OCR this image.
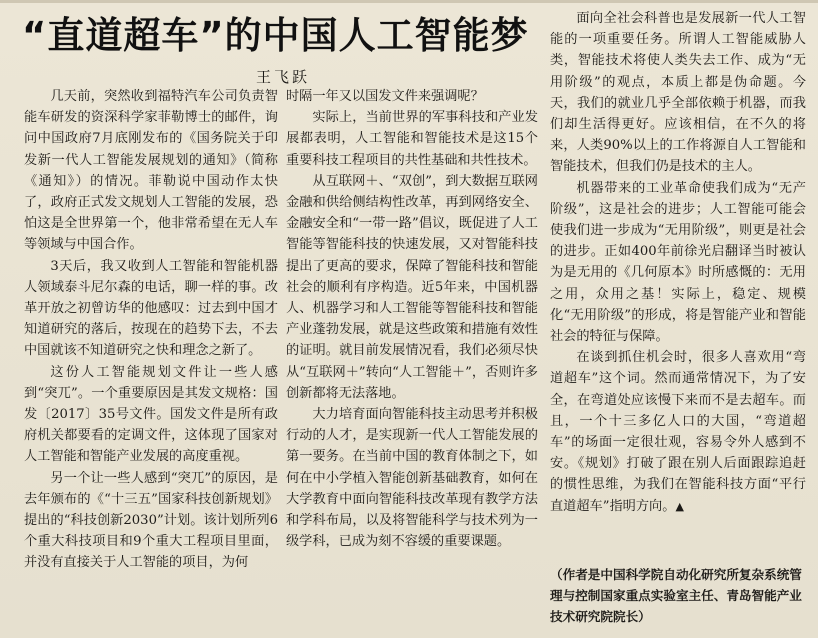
“直道超车”的中国人工智能梦
王飞跃

几天前，突然收到福特汽车公司负责智能车研发的资深科学家菲勒博士的邮件，询问中国政府7月底刚发布的《国务院关于印发新一代人工智能发展规划的通知》（简称《通知》）的情况。菲勒说中国动作太快了，政府正式发文规划人工智能的发展，恐怕这是全世界第一个，他非常希望在无人车等领域与中国合作。

3天后，我又收到人工智能和智能机器人领域泰斗尼尔森的电话，聊一样的事。改革开放之初曾访华的他感叹：过去到中国才知道研究的落后，按现在的趋势下去，不去中国就该不知道研究之快和理念之新了。

这份人工智能规划文件让一些人感到“突兀”。一个重要原因是其发文规格：国发〔2017〕35号文件。国发文件是所有政府机关都要看的定调文件，这体现了国家对人工智能和智能产业发展的高度重视。

另一个让一些人感到“突兀”的原因，是去年颁布的《“十三五”国家科技创新规划》提出的“科技创新2030”计划。该计划所列6个重大科技项目和9个重大工程项目里面，并没有直接关于人工智能的项目，为何

时隔一年又以国发文件来强调呢？

实际上，当前世界的军事科技和产业发展都表明，人工智能和智能技术是这15个重要科技工程项目的共性基础和共性技术。

从互联网＋、“双创”，到大数据互联网金融和供给侧结构性改革，再到网络安全、金融安全和“一带一路”倡议，既促进了人工智能等智能科技的快速发展，又对智能科技提出了更高的要求，保障了智能科技和智能社会的顺利有序构造。近5年来，中国机器人、机器学习和人工智能等智能科技和智能产业蓬勃发展，就是这些政策和措施有效性的证明。就目前发展情况看，我们必须尽快从“互联网＋”转向“人工智能＋”，否则许多创新都将无法落地。

大力培育面向智能科技主动思考并积极行动的人才，是实现新一代人工智能发展的第一要务。在当前中国的教育体制之下，如何在中小学植入智能创新基础教育，如何在大学教育中面向智能科技改革现有教学方法和学科布局，以及将智能科学与技术列为一级学科，已成为刻不容缓的重要课题。

面向全社会科普也是发展新一代人工智能的一项重要任务。所谓人工智能威胁人类，智能技术将使人类失去工作、成为“无用阶级”的观点，本质上都是伪命题。今天，我们的就业几乎全部依赖于机器，而我们却生活得更好。应该相信，在不久的将来，人类90%以上的工作将源自人工智能和智能技术，但我们仍是技术的主人。

机器带来的工业革命使我们成为“无产阶级”，这是社会的进步；人工智能可能会使我们进一步成为“无用阶级”，则更是社会的进步。正如400年前徐光启翻译当时被认为是无用的《几何原本》时所感慨的：无用之用，众用之基！实际上，稳定、规模化“无用阶级”的形成，将是智能产业和智能社会的特征与保障。

在谈到抓住机会时，很多人喜欢用“弯道超车”这个词。然而通常情况下，为了安全，在弯道处应该慢下来而不是去超车。而且，一个十三多亿人口的大国，“弯道超车”的场面一定很壮观，容易令外人感到不安。《规划》打破了跟在别人后面跟踪追赶的惯性思维，为我们在智能科技方面“平行直道超车”指明方向。▲

（作者是中国科学院自动化研究所复杂系统管理与控制国家重点实验室主任、青岛智能产业技术研究院院长）
